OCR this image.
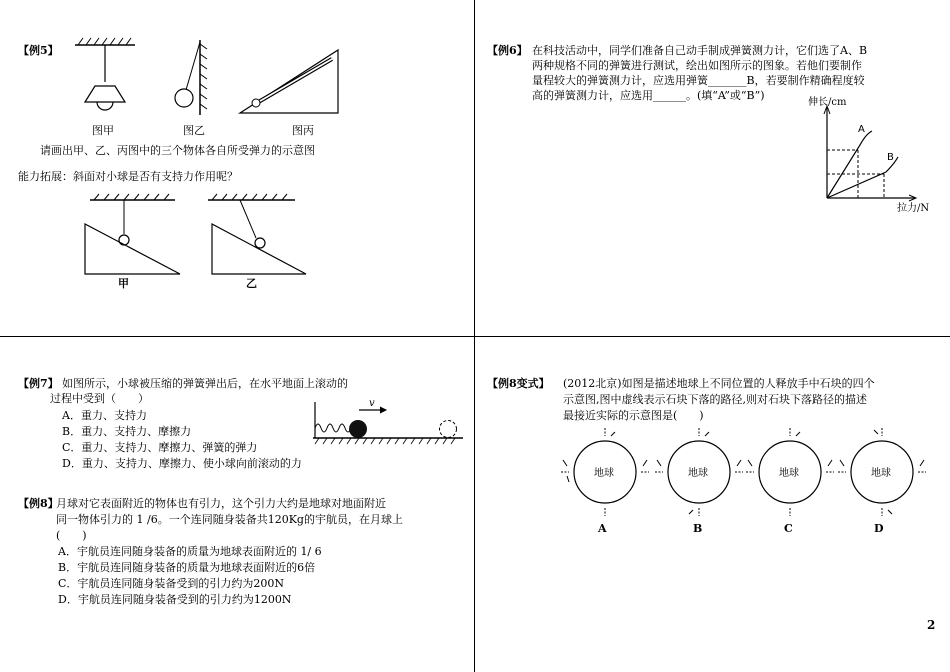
【例5】
图甲	图乙	图丙
请画出甲、乙、丙图中的三个物体各自所受弹力的示意图
能力拓展：斜面对小球是否有支持力作用呢？
甲	乙
【例6】 在科技活动中，同学们准备自己动手制成弹簧测力计，它们选了A、B
两种规格不同的弹簧进行测试，绘出如图所示的图象。若他们要制作
量程较大的弹簧测力计，应选用弹簧_______B，若要制作精确程度较
高的弹簧测力计，应选用______。(填“A”或“B”)
伸长/cm
拉力/N
A
B
【例7】 如图所示，小球被压缩的弹簧弹出后，在水平地面上滚动的
过程中受到（　　）
A．重力、支持力
B．重力、支持力、摩擦力
C．重力、支持力、摩擦力、弹簧的弹力
D．重力、支持力、摩擦力、使小球向前滚动的力
v
【例8】
月球对它表面附近的物体也有引力，这个引力大约是地球对地面附近
同一物体引力的 1 /6。一个连同随身装备共120Kg的宇航员，在月球上
(　　)
A．宇航员连同随身装备的质量为地球表面附近的 1/ 6
B．宇航员连同随身装备的质量为地球表面附近的6倍
C．宇航员连同随身装备受到的引力约为200N
D．宇航员连同随身装备受到的引力约为1200N
【例8变式】 (2012北京)如图是描述地球上不同位置的人释放手中石块的四个
示意图,图中虚线表示石块下落的路径,则对石块下落路径的描述
最接近实际的示意图是(　　)
地球	地球	地球	地球
A	B	C	D
2
